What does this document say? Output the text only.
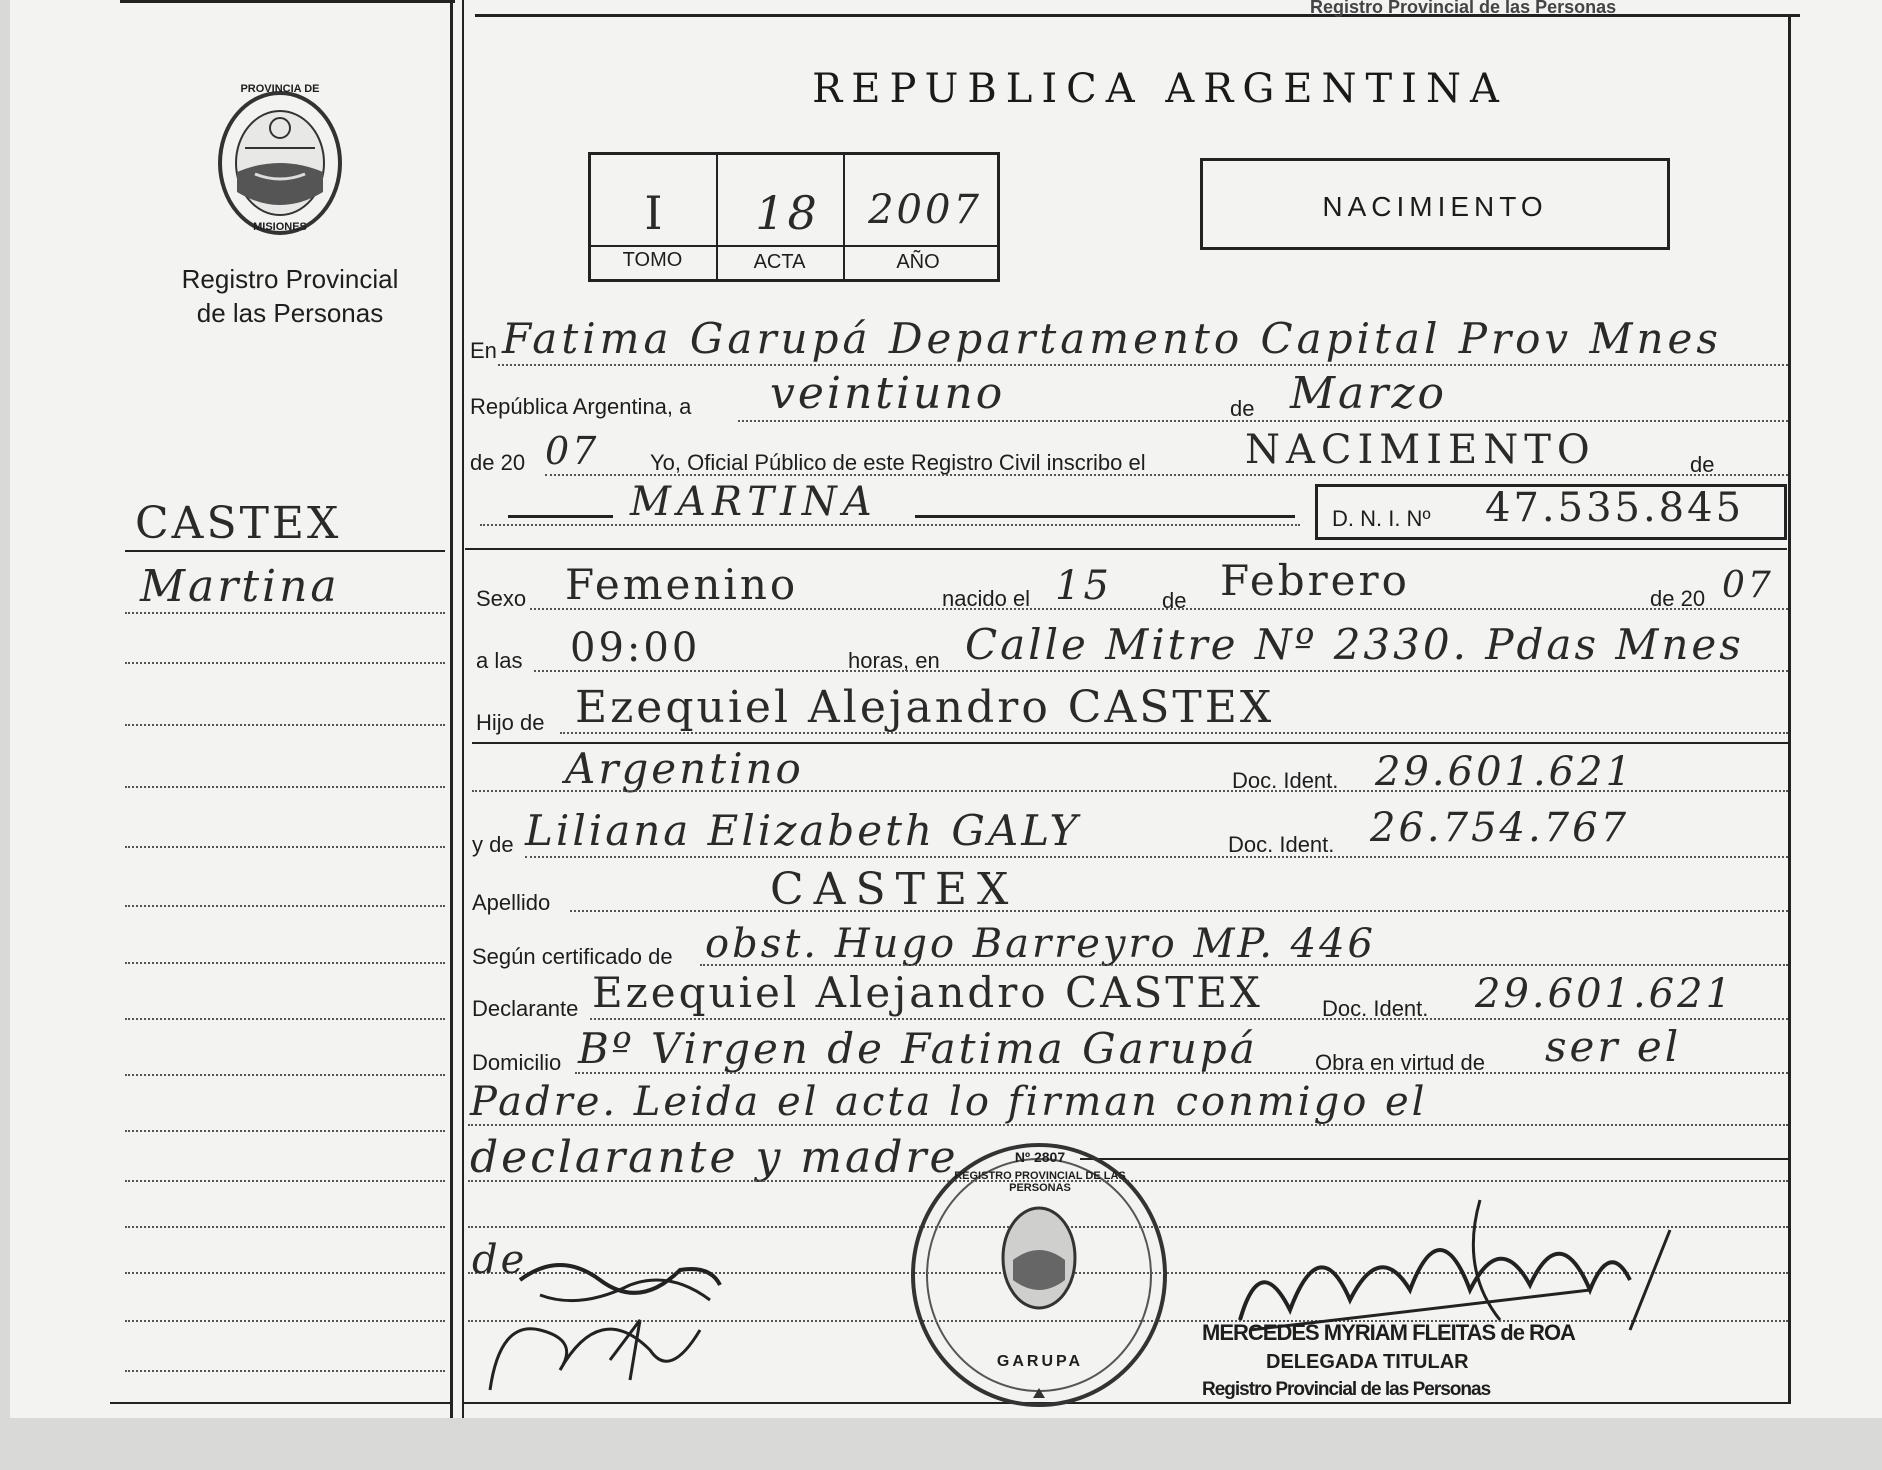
Registro Provincial de las Personas
REPUBLICA ARGENTINA
PROVINCIA DE
MISIONES
Registro Provincial
de las Personas
CASTEX
Martina
I	18	2007
TOMO	ACTA	AÑO
NACIMIENTO
En Fatima Garupá Departamento Capital Prov Mnes
República Argentina, a veintiuno	de Marzo
de 20 07 Yo, Oficial Público de este Registro Civil inscribo el NACIMIENTO	de
MARTINA	D. N. I. Nº 47.535.845
Sexo Femenino	nacido el 15 de Febrero	de 20 07
a las 09:00	horas, en Calle Mitre Nº 2330. Pdas Mnes
Hijo de Ezequiel Alejandro CASTEX
Argentino	Doc. Ident. 29.601.621
y de Liliana Elizabeth GALY	Doc. Ident. 26.754.767
Apellido	CASTEX
Según certificado de obst. Hugo Barreyro MP. 446
Declarante Ezequiel Alejandro CASTEX	Doc. Ident. 29.601.621
Domicilio Bº Virgen de Fatima Garupá	Obra en virtud de ser el
Padre. Leida el acta lo firman conmigo el
declarante y madre
de
Nº 2807
REGISTRO PROVINCIAL DE LAS PERSONAS
GARUPA
MERCEDES MYRIAM FLEITAS de ROA
DELEGADA TITULAR
Registro Provincial de las Personas
